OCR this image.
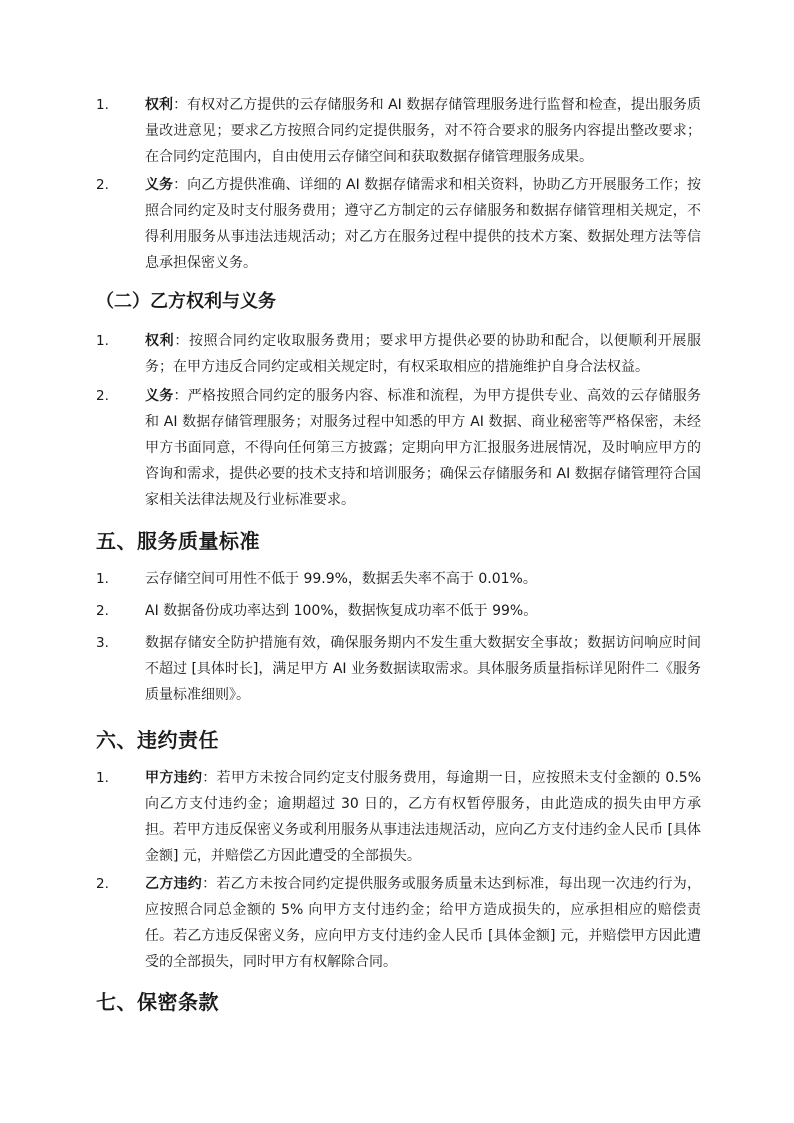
1.	权利：有权对乙方提供的云存储服务和 AI 数据存储管理服务进行监督和检查，提出服务质量改进意见；要求乙方按照合同约定提供服务，对不符合要求的服务内容提出整改要求；在合同约定范围内，自由使用云存储空间和获取数据存储管理服务成果。
2.	义务：向乙方提供准确、详细的 AI 数据存储需求和相关资料，协助乙方开展服务工作；按照合同约定及时支付服务费用；遵守乙方制定的云存储服务和数据存储管理相关规定，不得利用服务从事违法违规活动；对乙方在服务过程中提供的技术方案、数据处理方法等信息承担保密义务。
（二）乙方权利与义务
1.	权利：按照合同约定收取服务费用；要求甲方提供必要的协助和配合，以便顺利开展服务；在甲方违反合同约定或相关规定时，有权采取相应的措施维护自身合法权益。
2.	义务：严格按照合同约定的服务内容、标准和流程，为甲方提供专业、高效的云存储服务和 AI 数据存储管理服务；对服务过程中知悉的甲方 AI 数据、商业秘密等严格保密，未经甲方书面同意，不得向任何第三方披露；定期向甲方汇报服务进展情况，及时响应甲方的咨询和需求，提供必要的技术支持和培训服务；确保云存储服务和 AI 数据存储管理符合国家相关法律法规及行业标准要求。
五、服务质量标准
1.	云存储空间可用性不低于 99.9%，数据丢失率不高于 0.01%。
2.	AI 数据备份成功率达到 100%，数据恢复成功率不低于 99%。
3.	数据存储安全防护措施有效，确保服务期内不发生重大数据安全事故；数据访问响应时间不超过 [具体时长]，满足甲方 AI 业务数据读取需求。具体服务质量指标详见附件二《服务质量标准细则》。
六、违约责任
1.	甲方违约：若甲方未按合同约定支付服务费用，每逾期一日，应按照未支付金额的 0.5% 向乙方支付违约金；逾期超过 30 日的，乙方有权暂停服务，由此造成的损失由甲方承担。若甲方违反保密义务或利用服务从事违法违规活动，应向乙方支付违约金人民币 [具体金额] 元，并赔偿乙方因此遭受的全部损失。
2.	乙方违约：若乙方未按合同约定提供服务或服务质量未达到标准，每出现一次违约行为，应按照合同总金额的 5% 向甲方支付违约金；给甲方造成损失的，应承担相应的赔偿责任。若乙方违反保密义务，应向甲方支付违约金人民币 [具体金额] 元，并赔偿甲方因此遭受的全部损失，同时甲方有权解除合同。
七、保密条款
